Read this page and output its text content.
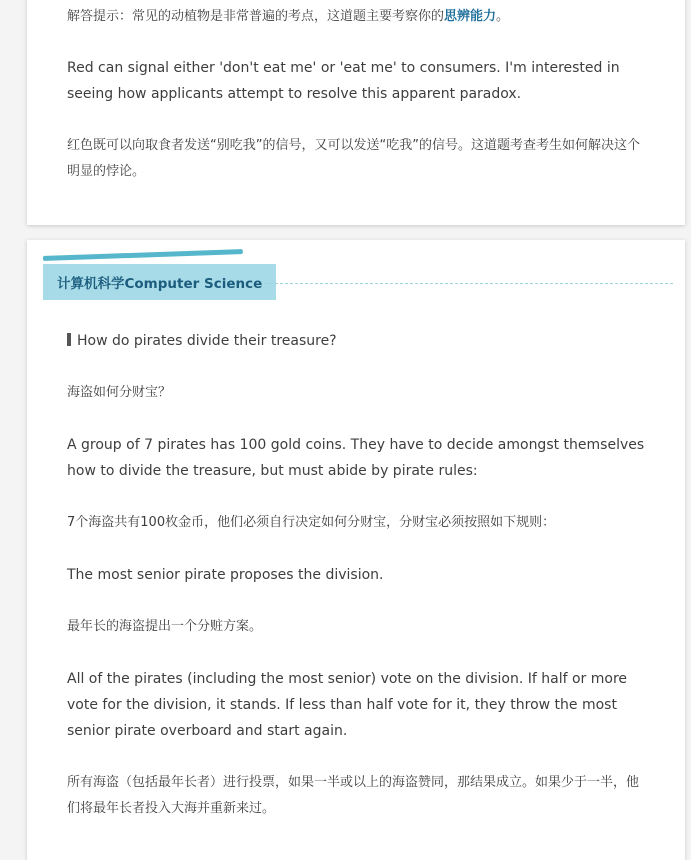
解答提示：常见的动植物是非常普遍的考点，这道题主要考察你的思辨能力。
Red can signal either 'don't eat me' or 'eat me' to consumers. I'm interested in seeing how applicants attempt to resolve this apparent paradox.
红色既可以向取食者发送“别吃我”的信号，又可以发送“吃我”的信号。这道题考查考生如何解决这个明显的悖论。
计算机科学Computer Science
How do pirates divide their treasure?
海盗如何分财宝？
A group of 7 pirates has 100 gold coins. They have to decide amongst themselves how to divide the treasure, but must abide by pirate rules:
7个海盗共有100枚金币，他们必须自行决定如何分财宝，分财宝必须按照如下规则：
The most senior pirate proposes the division.
最年长的海盗提出一个分赃方案。
All of the pirates (including the most senior) vote on the division. If half or more vote for the division, it stands. If less than half vote for it, they throw the most senior pirate overboard and start again.
所有海盗（包括最年长者）进行投票，如果一半或以上的海盗赞同，那结果成立。如果少于一半，他们将最年长者投入大海并重新来过。
